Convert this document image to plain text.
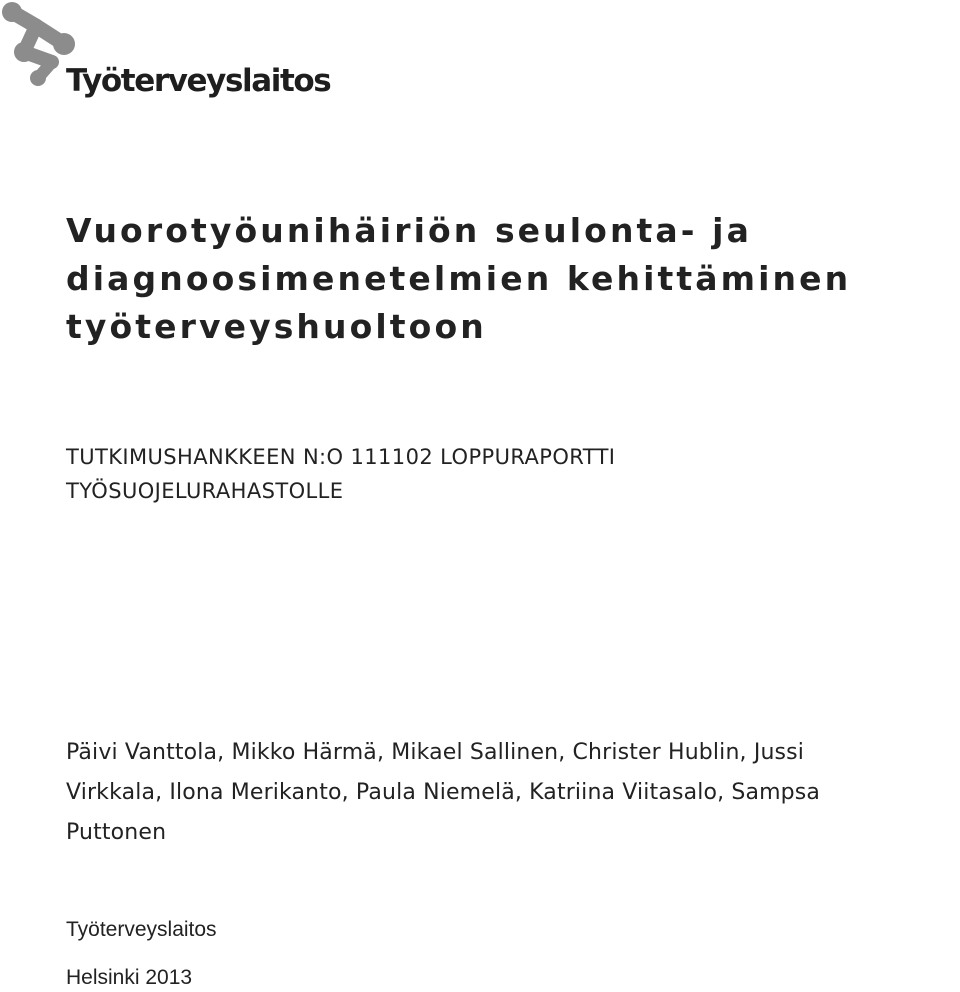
Työterveyslaitos
Vuorotyöunihäiriön seulonta- ja
diagnoosimenetelmien kehittäminen
työterveyshuoltoon
TUTKIMUSHANKKEEN N:O 111102 LOPPURAPORTTI
TYÖSUOJELURAHASTOLLE
Päivi Vanttola, Mikko Härmä, Mikael Sallinen, Christer Hublin, Jussi
Virkkala, Ilona Merikanto, Paula Niemelä, Katriina Viitasalo, Sampsa
Puttonen
Työterveyslaitos
Helsinki 2013
